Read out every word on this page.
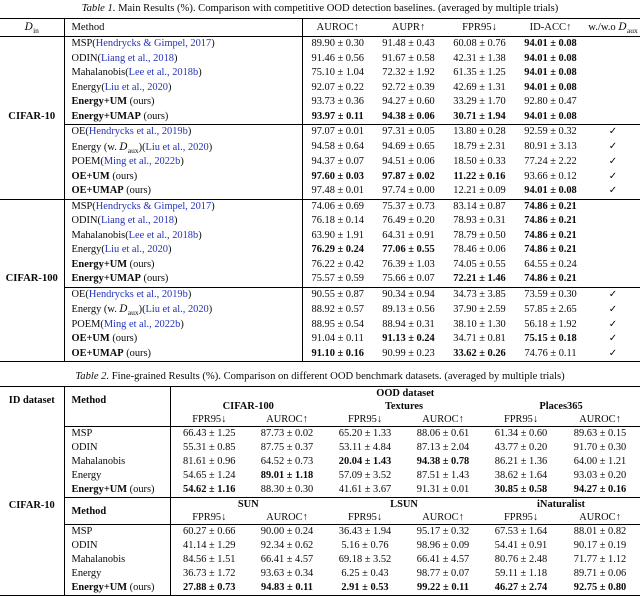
Table 1. Main Results (%). Comparison with competitive OOD detection baselines. (averaged by multiple trials)
$D_{in}$	Method	AUROC↑	AUPR↑	FPR95↓	ID-ACC↑	w./w.o $D_{aux}$
	MSP(Hendrycks & Gimpel, 2017)	89.90 ± 0.30	91.48 ± 0.43	60.08 ± 0.76	94.01 ± 0.08	
	ODIN(Liang et al., 2018)	91.46 ± 0.56	91.67 ± 0.58	42.31 ± 1.38	94.01 ± 0.08	
	Mahalanobis(Lee et al., 2018b)	75.10 ± 1.04	72.32 ± 1.92	61.35 ± 1.25	94.01 ± 0.08	
	Energy(Liu et al., 2020)	92.07 ± 0.22	92.72 ± 0.39	42.69 ± 1.31	94.01 ± 0.08	
	Energy+UM (ours)	93.73 ± 0.36	94.27 ± 0.60	33.29 ± 1.70	92.80 ± 0.47	
CIFAR-10	Energy+UMAP (ours)	93.97 ± 0.11	94.38 ± 0.06	30.71 ± 1.94	94.01 ± 0.08	
	OE(Hendrycks et al., 2019b)	97.07 ± 0.01	97.31 ± 0.05	13.80 ± 0.28	92.59 ± 0.32	✓
	Energy (w. $D_{aux})(Liu$ et al., 2020)	94.58 ± 0.64	94.69 ± 0.65	18.79 ± 2.31	80.91 ± 3.13	✓
	POEM(Ming et al., 2022b)	94.37 ± 0.07	94.51 ± 0.06	18.50 ± 0.33	77.24 ± 2.22	✓
	OE+UM (ours)	97.60 ± 0.03	97.87 ± 0.02	11.22 ± 0.16	93.66 ± 0.12	✓
	OE+UMAP (ours)	97.48 ± 0.01	97.74 ± 0.00	12.21 ± 0.09	94.01 ± 0.08	✓
	MSP(Hendrycks & Gimpel, 2017)	74.06 ± 0.69	75.37 ± 0.73	83.14 ± 0.87	74.86 ± 0.21	
	ODIN(Liang et al., 2018)	76.18 ± 0.14	76.49 ± 0.20	78.93 ± 0.31	74.86 ± 0.21	
	Mahalanobis(Lee et al., 2018b)	63.90 ± 1.91	64.31 ± 0.91	78.79 ± 0.50	74.86 ± 0.21	
	Energy(Liu et al., 2020)	76.29 ± 0.24	77.06 ± 0.55	78.46 ± 0.06	74.86 ± 0.21	
	Energy+UM (ours)	76.22 ± 0.42	76.39 ± 1.03	74.05 ± 0.55	64.55 ± 0.24	
CIFAR-100	Energy+UMAP (ours)	75.57 ± 0.59	75.66 ± 0.07	72.21 ± 1.46	74.86 ± 0.21	
	OE(Hendrycks et al., 2019b)	90.55 ± 0.87	90.34 ± 0.94	34.73 ± 3.85	73.59 ± 0.30	✓
	Energy (w. $D_{aux})(Liu$ et al., 2020)	88.92 ± 0.57	89.13 ± 0.56	37.90 ± 2.59	57.85 ± 2.65	✓
	POEM(Ming et al., 2022b)	88.95 ± 0.54	88.94 ± 0.31	38.10 ± 1.30	56.18 ± 1.92	✓
	OE+UM (ours)	91.04 ± 0.11	91.13 ± 0.24	34.71 ± 0.81	75.15 ± 0.18	✓
	OE+UMAP (ours)	91.10 ± 0.16	90.99 ± 0.23	33.62 ± 0.26	74.76 ± 0.11	✓
Table 2. Fine-grained Results (%). Comparison on different OOD benchmark datasets. (averaged by multiple trials)
ID dataset	Method	OOD dataset					
		CIFAR-100		Textures		Places365	
		FPR95↓	AUROC↑	FPR95↓	AUROC↑	FPR95↓	AUROC↑
	MSP	66.43 ± 1.25	87.73 ± 0.02	65.20 ± 1.33	88.06 ± 0.61	61.34 ± 0.60	89.63 ± 0.15
	ODIN	55.31 ± 0.85	87.75 ± 0.37	53.11 ± 4.84	87.13 ± 2.04	43.77 ± 0.20	91.70 ± 0.30
	Mahalanobis	81.61 ± 0.96	64.52 ± 0.73	20.04 ± 1.43	94.38 ± 0.78	86.21 ± 1.36	64.00 ± 1.21
	Energy	54.65 ± 1.24	89.01 ± 1.18	57.09 ± 3.52	87.51 ± 1.43	38.62 ± 1.64	93.03 ± 0.20
	Energy+UM (ours)	54.62 ± 1.16	88.30 ± 0.30	41.61 ± 3.67	91.31 ± 0.01	30.85 ± 0.58	94.27 ± 0.16
CIFAR-10	Method	SUN		LSUN		iNaturalist	
		FPR95↓	AUROC↑	FPR95↓	AUROC↑	FPR95↓	AUROC↑
	MSP	60.27 ± 0.66	90.00 ± 0.24	36.43 ± 1.94	95.17 ± 0.32	67.53 ± 1.64	88.01 ± 0.82
	ODIN	41.14 ± 1.29	92.34 ± 0.62	5.16 ± 0.76	98.96 ± 0.09	54.41 ± 0.91	90.17 ± 0.19
	Mahalanobis	84.56 ± 1.51	66.41 ± 4.57	69.18 ± 3.52	66.41 ± 4.57	80.76 ± 2.48	71.77 ± 1.12
	Energy	36.73 ± 1.72	93.63 ± 0.34	6.25 ± 0.43	98.77 ± 0.07	59.11 ± 1.18	89.71 ± 0.06
	Energy+UM (ours)	27.88 ± 0.73	94.83 ± 0.11	2.91 ± 0.53	99.22 ± 0.11	46.27 ± 2.74	92.75 ± 0.80
